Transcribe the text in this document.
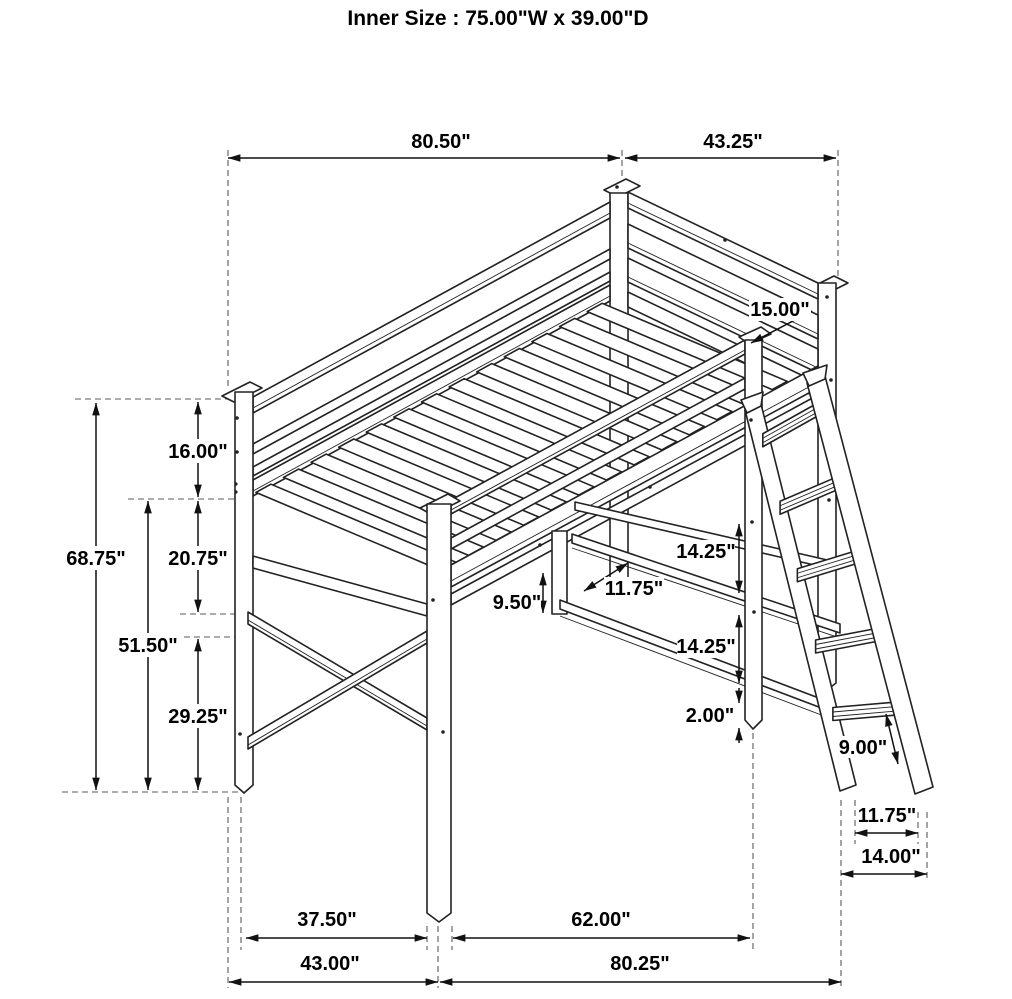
Inner Size : 75.00"W x 39.00"D
80.50"	43.25"
68.75"
16.00"
20.75"
51.50"
29.25"
15.00"
14.25"
11.75"
9.50"
14.25"
2.00"
9.00"
11.75"
14.00"
37.50"	62.00"
43.00"	80.25"
